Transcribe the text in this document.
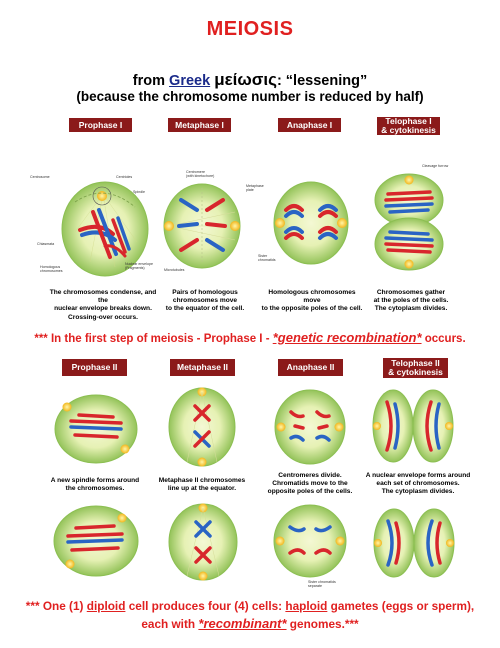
MEIOSIS
from Greek μείωσις: “lessening”
(because the chromosome number is reduced by half)
Prophase I	Metaphase I	Anaphase I	Telophase I
& cytokinesis
Centrosome	Centrioles
Spindle
Chiasmata
Homologous
chromosomes
Nuclear envelope
(Fragments)
Centromere
(with kinetochore)
Metaphase
plate
Microtubules
Sister
chromatids
Cleavage furrow
The chromosomes condense, and the
nuclear envelope breaks down.
Crossing-over occurs.
Pairs of homologous
chromosomes move
to the equator of the cell.
Homologous chromosomes move
to the opposite poles of the cell.
Chromosomes gather
at the poles of the cells.
The cytoplasm divides.
*** In the first step of meiosis - Prophase I - *genetic recombination* occurs.
Prophase II	Metaphase II	Anaphase II	Telophase II
& cytokinesis
A new spindle forms around
the chromosomes.
Metaphase II chromosomes
line up at the equator.
Centromeres divide.
Chromatids move to the
opposite poles of the cells.
A nuclear envelope forms around
each set of chromosomes.
The cytoplasm divides.
Sister chromatids
separate
*** One (1) diploid cell produces four (4) cells: haploid gametes (eggs or sperm),
each with *recombinant* genomes.***
